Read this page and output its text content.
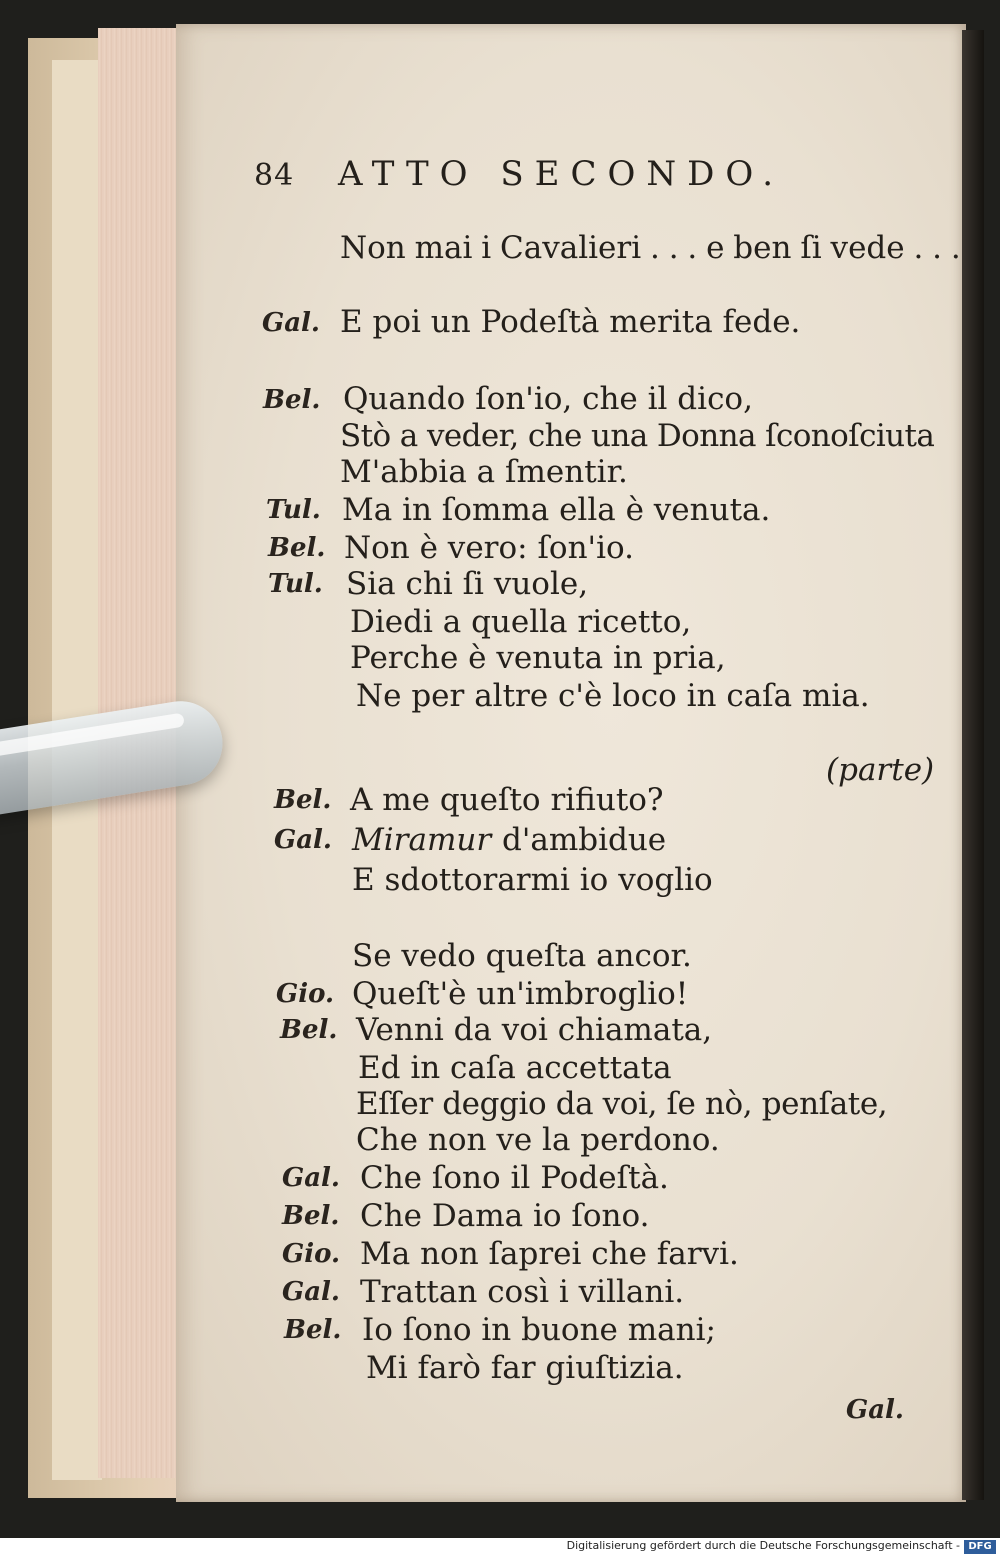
84 ATTO SECONDO.
Non mai i Cavalieri . . . e ben ſi vede . . .
Gal. E poi un Podeſtà merita fede.
Bel. Quando ſon'io, che il dico,
Stò a veder, che una Donna ſconoſciuta
M'abbia a ſmentir.
Tul. Ma in ſomma ella è venuta.
Bel. Non è vero: ſon'io.
Tul. Sia chi ſi vuole,
Diedi a quella ricetto,
Perche è venuta in pria,
Ne per altre c'è loco in caſa mia.
(parte)
Bel. A me queſto rifiuto?
Gal. Miramur d'ambidue
E sdottorarmi io voglio
Se vedo queſta ancor.
Gio. Queſt'è un'imbroglio!
Bel. Venni da voi chiamata,
Ed in caſa accettata
Eſſer deggio da voi, ſe nò, penſate,
Che non ve la perdono.
Gal. Che ſono il Podeſtà.
Bel. Che Dama io ſono.
Gio. Ma non ſaprei che farvi.
Gal. Trattan così i villani.
Bel. Io ſono in buone mani;
Mi farò far giuſtizia.
Gal.
Digitalisierung gefördert durch die Deutsche Forschungsgemeinschaft - DFG
